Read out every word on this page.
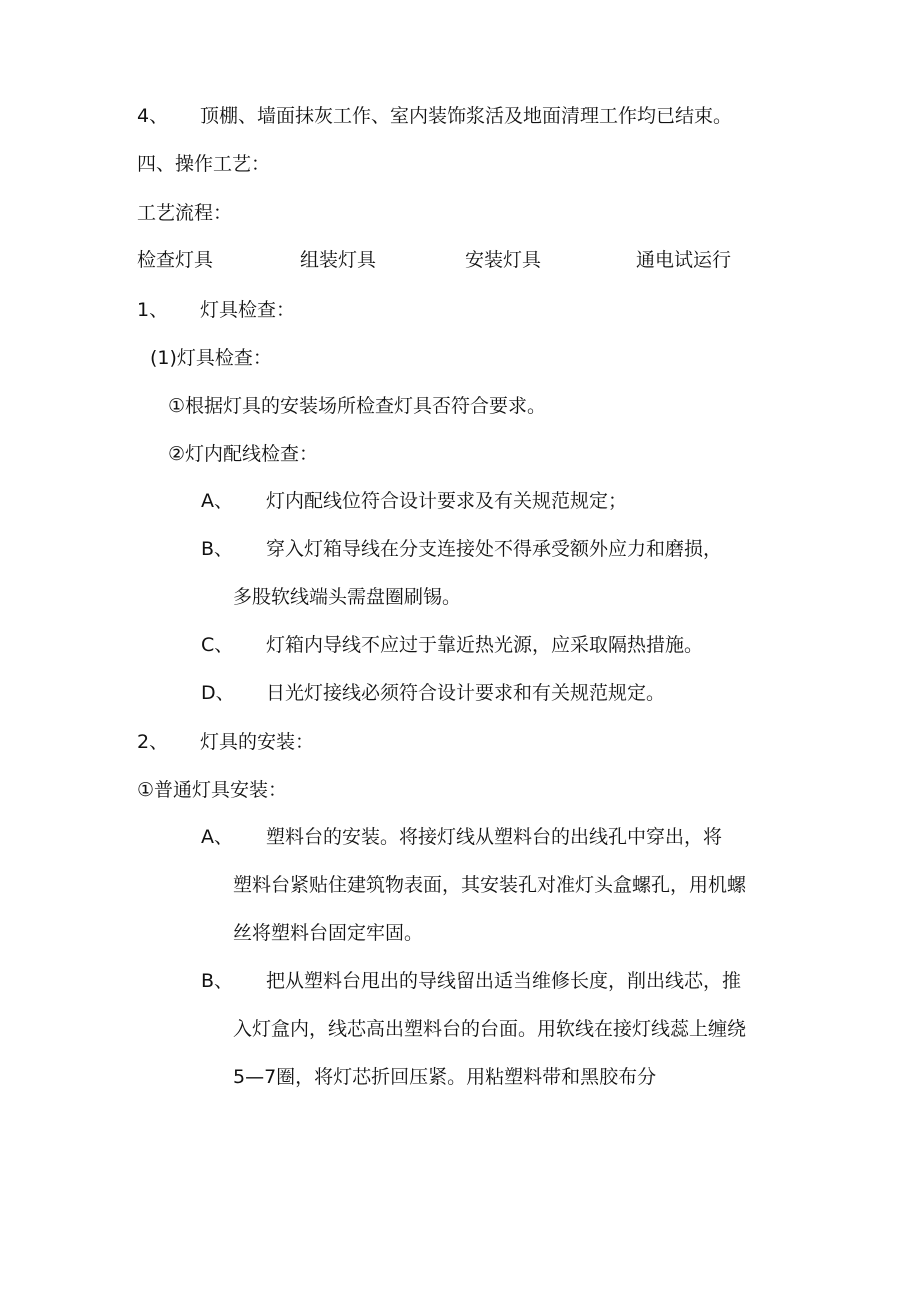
4、 顶棚、墙面抹灰工作、室内装饰浆活及地面清理工作均已结束。
四、操作工艺：
工艺流程：
检查灯具	组装灯具	安装灯具	通电试运行
1、 灯具检查：
(1)灯具检查：
①根据灯具的安装场所检查灯具否符合要求。
②灯内配线检查：
A、 灯内配线位符合设计要求及有关规范规定；
B、 穿入灯箱导线在分支连接处不得承受额外应力和磨损，
多股软线端头需盘圈刷锡。
C、 灯箱内导线不应过于靠近热光源，应采取隔热措施。
D、 日光灯接线必须符合设计要求和有关规范规定。
2、 灯具的安装：
①普通灯具安装：
A、 塑料台的安装。将接灯线从塑料台的出线孔中穿出，将
塑料台紧贴住建筑物表面，其安装孔对准灯头盒螺孔，用机螺
丝将塑料台固定牢固。
B、 把从塑料台甩出的导线留出适当维修长度，削出线芯，推
入灯盒内，线芯高出塑料台的台面。用软线在接灯线蕊上缠绕
5—7圈，将灯芯折回压紧。用粘塑料带和黑胶布分
